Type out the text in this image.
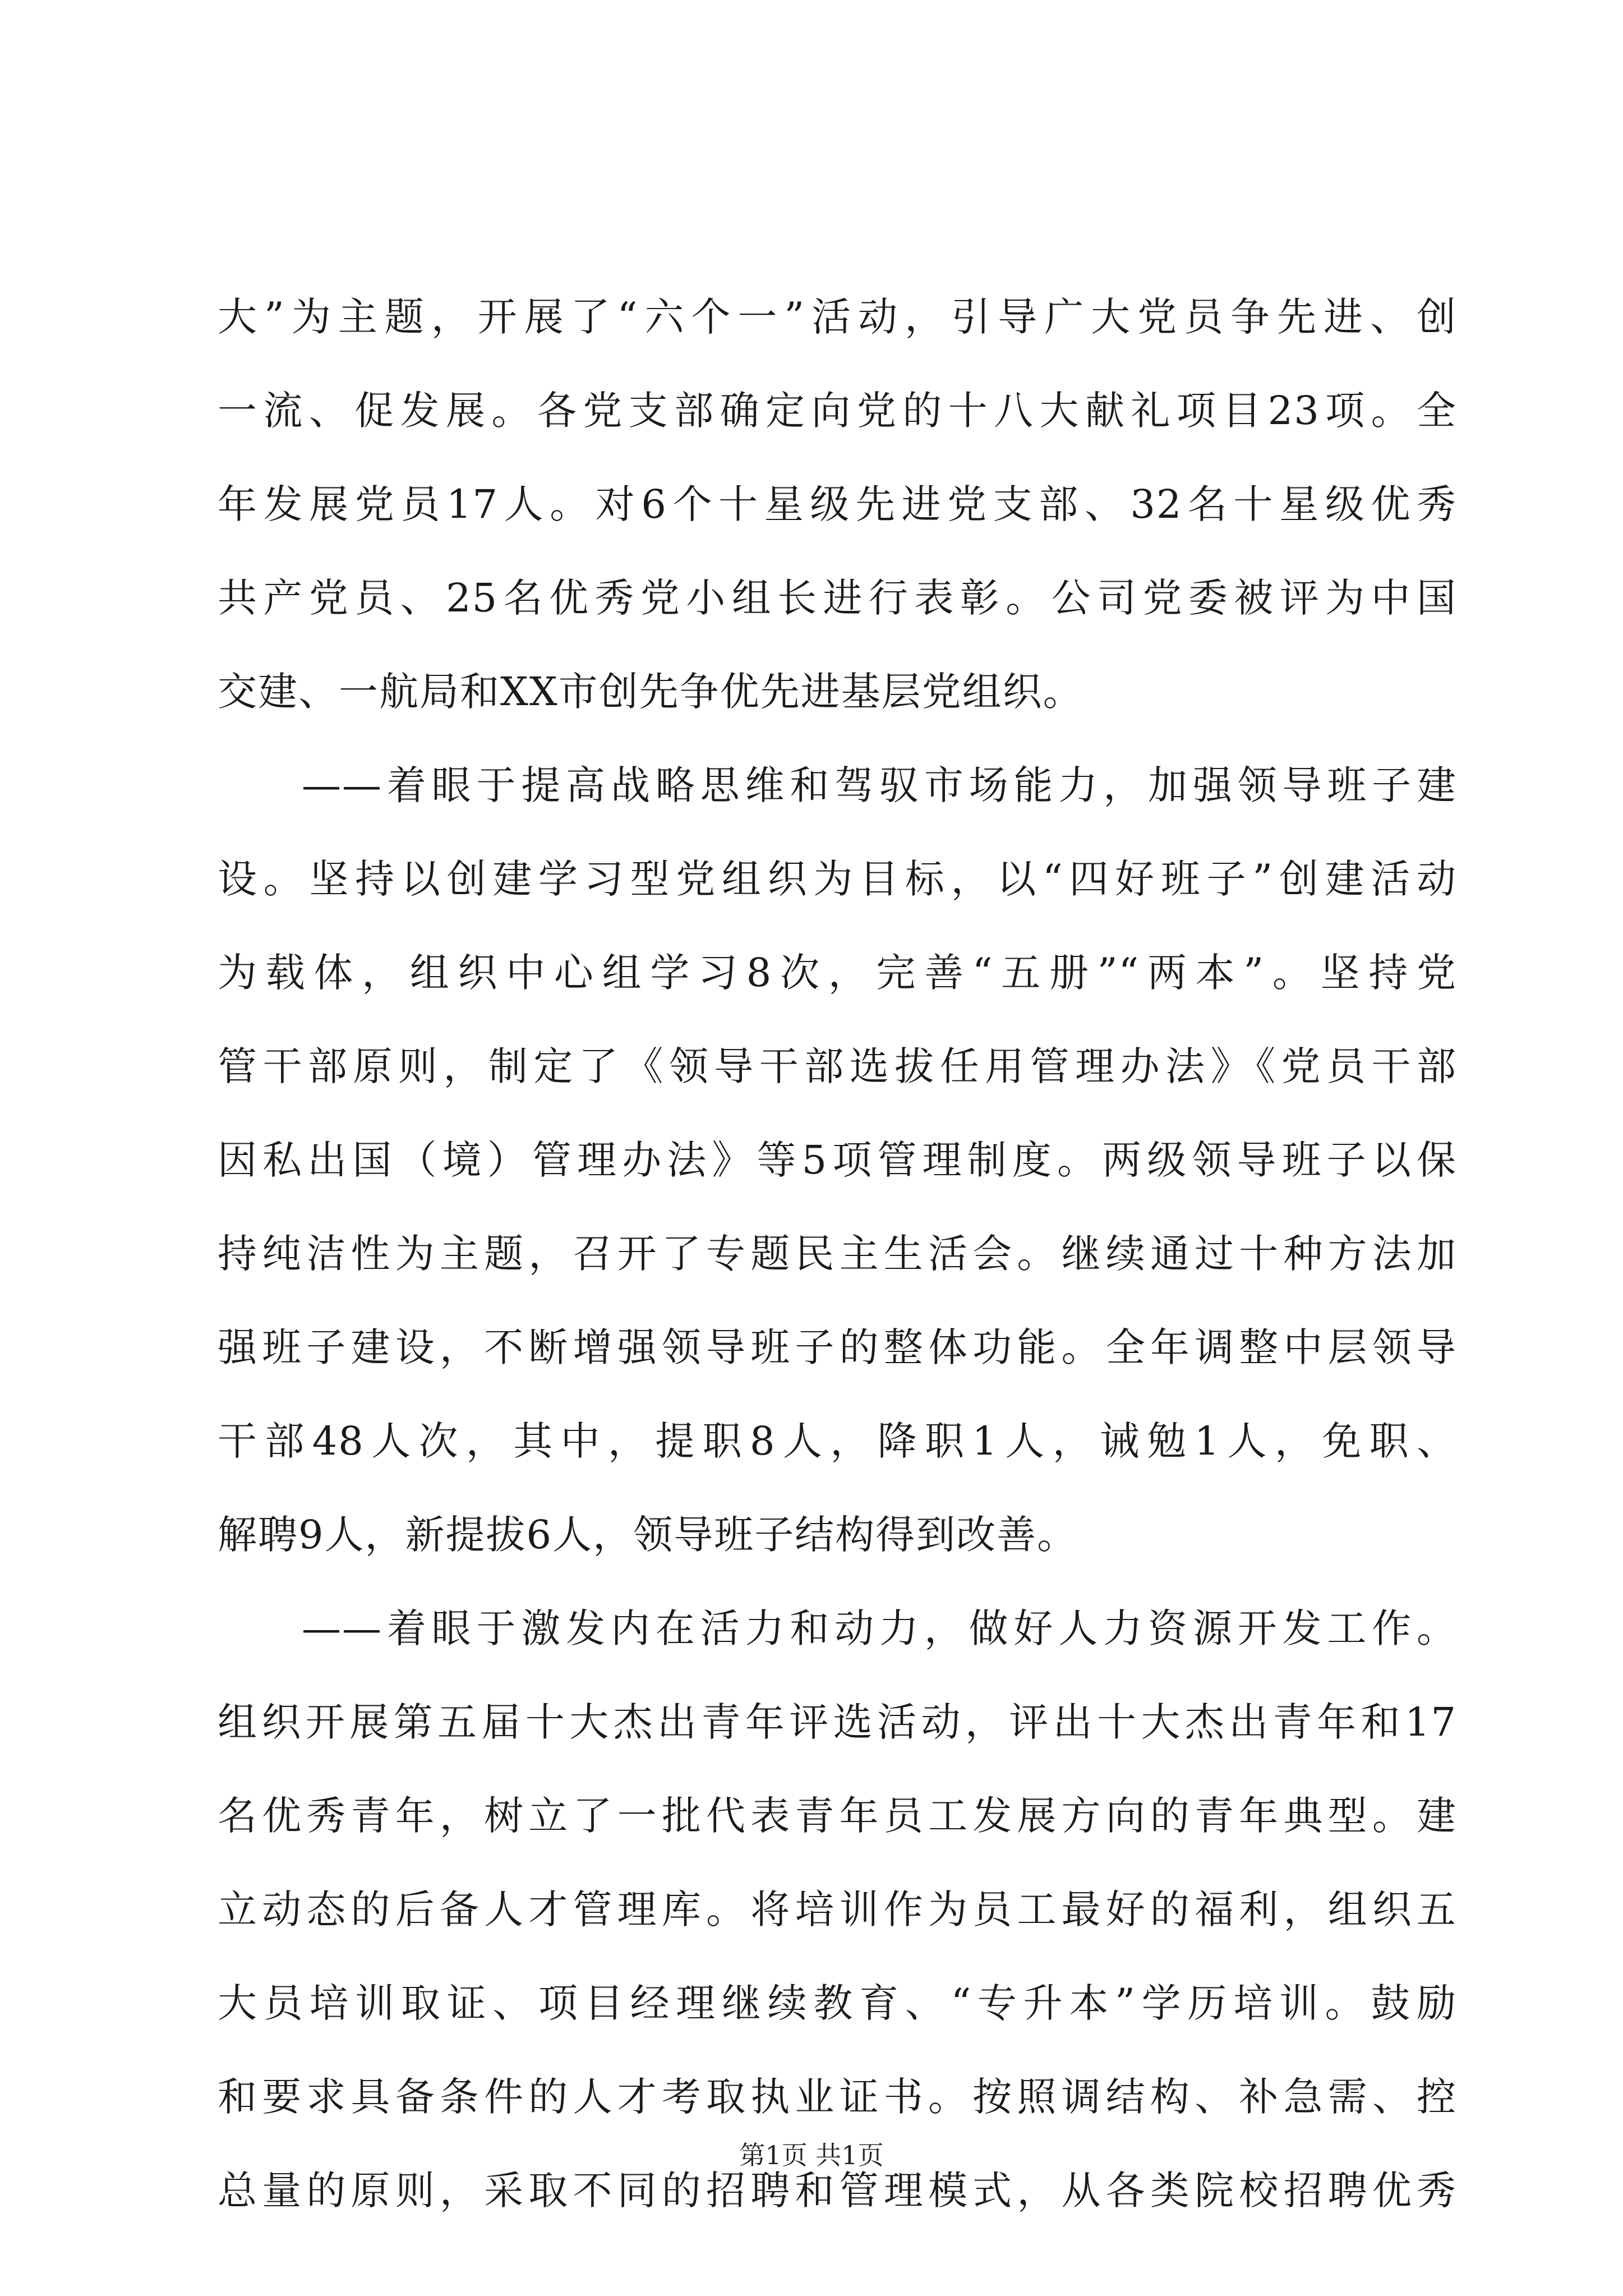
大”为主题，开展了“六个一”活动，引导广大党员争先进、创
一流、促发展。各党支部确定向党的十八大献礼项目23项。全
年发展党员17人。对6个十星级先进党支部、32名十星级优秀
共产党员、25名优秀党小组长进行表彰。公司党委被评为中国
交建、一航局和XX市创先争优先进基层党组织。
——着眼于提高战略思维和驾驭市场能力，加强领导班子建
设。坚持以创建学习型党组织为目标，以“四好班子”创建活动
为载体，组织中心组学习8次，完善“五册”“两本”。坚持党
管干部原则，制定了《领导干部选拔任用管理办法》《党员干部
因私出国（境）管理办法》等5项管理制度。两级领导班子以保
持纯洁性为主题，召开了专题民主生活会。继续通过十种方法加
强班子建设，不断增强领导班子的整体功能。全年调整中层领导
干部48人次，其中，提职8人，降职1人，诫勉1人，免职、
解聘9人，新提拔6人，领导班子结构得到改善。
——着眼于激发内在活力和动力，做好人力资源开发工作。
组织开展第五届十大杰出青年评选活动，评出十大杰出青年和17
名优秀青年，树立了一批代表青年员工发展方向的青年典型。建
立动态的后备人才管理库。将培训作为员工最好的福利，组织五
大员培训取证、项目经理继续教育、“专升本”学历培训。鼓励
和要求具备条件的人才考取执业证书。按照调结构、补急需、控
总量的原则，采取不同的招聘和管理模式，从各类院校招聘优秀
第1页 共1页
